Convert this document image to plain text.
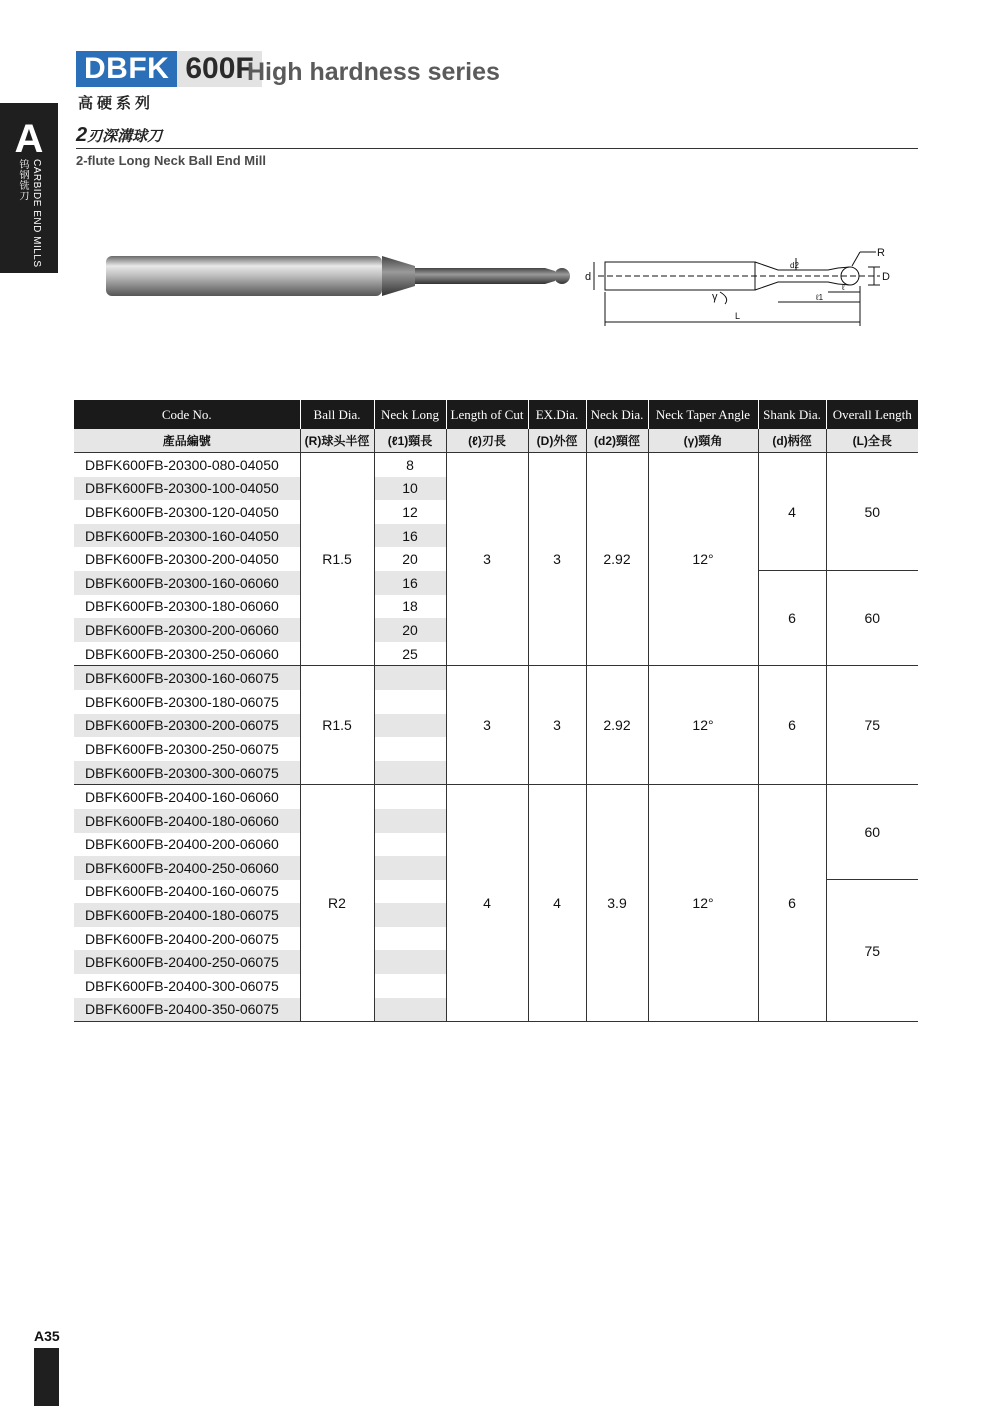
A
CARBIDE END MILLS
钨钢铣刀
DBFK 600F
High hardness series
高硬系列
2刃深溝球刀
2-flute Long Neck Ball End Mill
R
D
d
d2
γ
ℓ
ℓ1
L
Code No.	Ball Dia.	Neck Long	Length of Cut	EX.Dia.	Neck Dia.	Neck Taper Angle	Shank Dia.	Overall Length
產品編號	(R)球头半徑	(ℓ1)頸長	(ℓ)刃長	(D)外徑	(d2)頸徑	(γ)頸角	(d)柄徑	(L)全長
DBFK600FB-20300-080-04050	R1.5	8	3	3	2.92	12°	4	50
DBFK600FB-20300-100-04050		10						
DBFK600FB-20300-120-04050		12						
DBFK600FB-20300-160-04050		16						
DBFK600FB-20300-200-04050		20						
DBFK600FB-20300-160-06060		16					6	60
DBFK600FB-20300-180-06060		18						
DBFK600FB-20300-200-06060		20						
DBFK600FB-20300-250-06060		25						
DBFK600FB-20300-160-06075	R1.5		3	3	2.92	12°	6	75
DBFK600FB-20300-180-06075								
DBFK600FB-20300-200-06075								
DBFK600FB-20300-250-06075								
DBFK600FB-20300-300-06075								
DBFK600FB-20400-160-06060	R2		4	4	3.9	12°	6	60
DBFK600FB-20400-180-06060								
DBFK600FB-20400-200-06060								
DBFK600FB-20400-250-06060								
DBFK600FB-20400-160-06075								75
DBFK600FB-20400-180-06075								
DBFK600FB-20400-200-06075								
DBFK600FB-20400-250-06075								
DBFK600FB-20400-300-06075								
DBFK600FB-20400-350-06075								
A35
